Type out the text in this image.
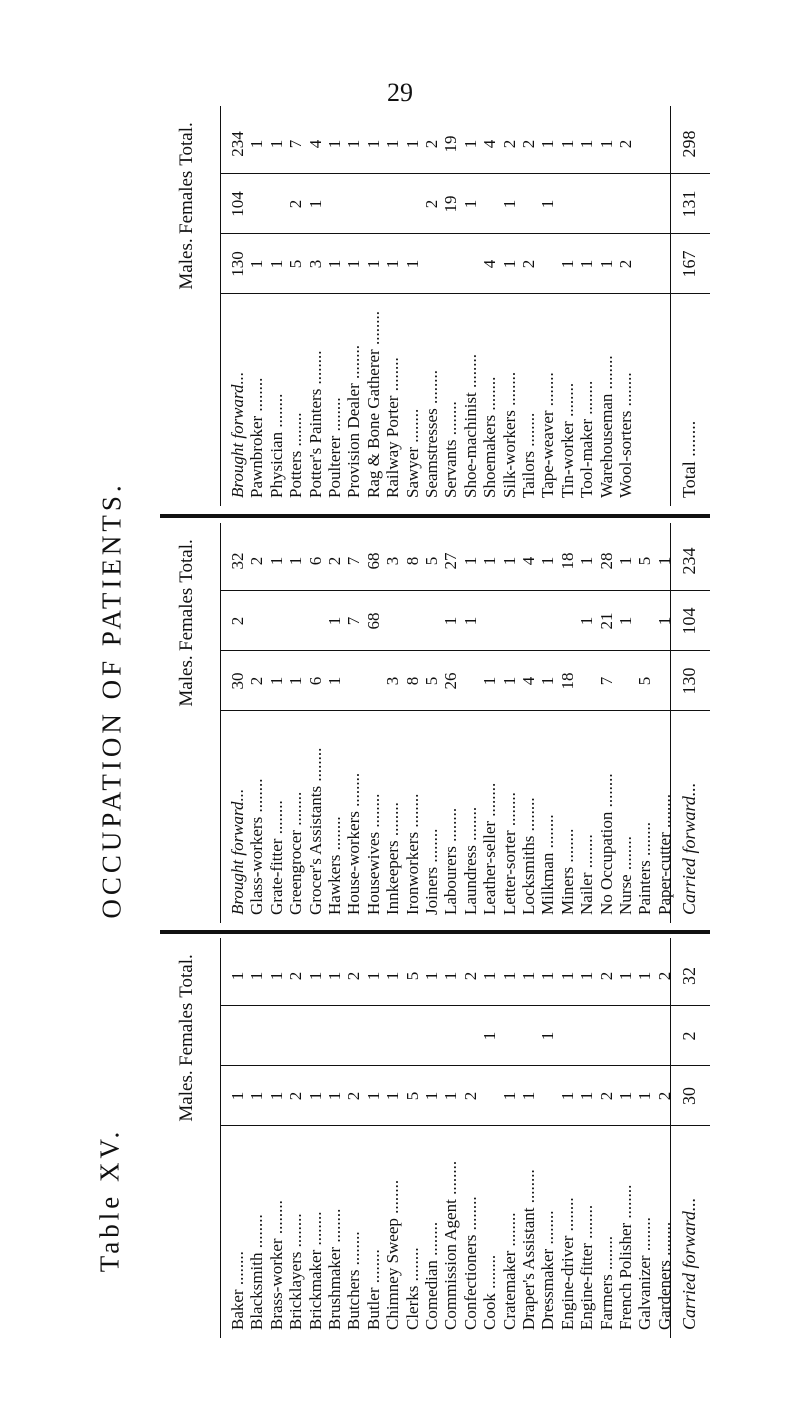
29
Table XV.
OCCUPATION OF PATIENTS.
Males.
Females
Total.
Baker ........
1
1
Blacksmith ........
1
1
Brass-worker ........
1
1
Bricklayers ........
2
2
Brickmaker ........
1
1
Brushmaker ........
1
1
Butchers ........
2
2
Butler ........
1
1
Chimney Sweep ........
1
1
Clerks ........
5
5
Comedian ........
1
1
Commission Agent ........
1
1
Confectioners ........
2
2
Cook ........
1
1
Cratemaker ........
1
1
Draper's Assistant ........
1
1
Dressmaker ........
1
1
Engine-driver ........
1
1
Engine-fitter ........
1
1
Farmers ........
2
2
French Polisher ........
1
1
Galvanizer ........
1
1
Gardeners ........
2
2
Carried forward...
30
2
32
Males.
Females
Total.
Brought forward...
30
2
32
Glass-workers ........
2
2
Grate-fitter ........
1
1
Greengrocer ........
1
1
Grocer's Assistants ........
6
6
Hawkers ........
1
1
2
House-workers ........
7
7
Housewives ........
68
68
Innkeepers ........
3
3
Ironworkers ........
8
8
Joiners ........
5
5
Labourers ........
26
1
27
Laundress ........
1
1
Leather-seller ........
1
1
Letter-sorter ........
1
1
Locksmiths ........
4
4
Milkman ........
1
1
Miners ........
18
18
Nailer ........
1
1
No Occupation ........
7
21
28
Nurse ........
1
1
Painters ........
5
5
Paper-cutter ........
1
1
Carried forward...
130
104
234
Males.
Females
Total.
Brought forward...
130
104
234
Pawnbroker ........
1
1
Physician ........
1
1
Potters ........
5
2
7
Potter's Painters ........
3
1
4
Poulterer ........
1
1
Provision Dealer ........
1
1
Rag & Bone Gatherer ........
1
1
Railway Porter ........
1
1
Sawyer ........
1
1
Seamstresses ........
2
2
Servants ........
19
19
Shoe-machinist ........
1
1
Shoemakers ........
4
4
Silk-workers ........
1
1
2
Tailors ........
2
2
Tape-weaver ........
1
1
Tin-worker ........
1
1
Tool-maker ........
1
1
Warehouseman ........
1
1
Wool-sorters ........
2
2
Total ........
167
131
298
